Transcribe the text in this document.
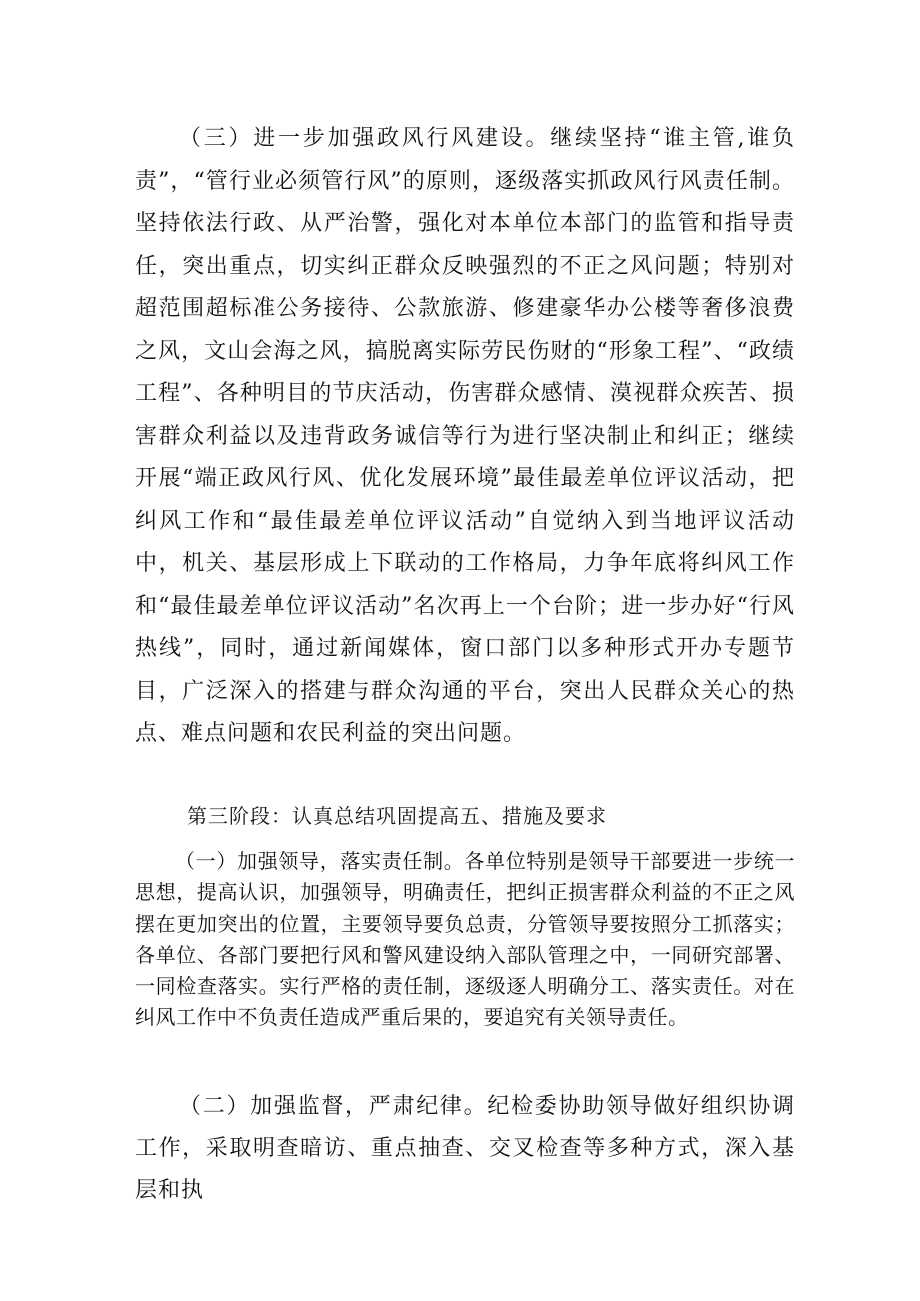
（三）进一步加强政风行风建设。继续坚持“谁主管,谁负责”，“管行业必须管行风”的原则，逐级落实抓政风行风责任制。坚持依法行政、从严治警，强化对本单位本部门的监管和指导责任，突出重点，切实纠正群众反映强烈的不正之风问题；特别对超范围超标准公务接待、公款旅游、修建豪华办公楼等奢侈浪费之风，文山会海之风，搞脱离实际劳民伤财的“形象工程”、“政绩工程”、各种明目的节庆活动，伤害群众感情、漠视群众疾苦、损害群众利益以及违背政务诚信等行为进行坚决制止和纠正；继续开展“端正政风行风、优化发展环境”最佳最差单位评议活动，把纠风工作和“最佳最差单位评议活动”自觉纳入到当地评议活动中，机关、基层形成上下联动的工作格局，力争年底将纠风工作和“最佳最差单位评议活动”名次再上一个台阶；进一步办好“行风热线”，同时，通过新闻媒体，窗口部门以多种形式开办专题节目，广泛深入的搭建与群众沟通的平台，突出人民群众关心的热点、难点问题和农民利益的突出问题。

第三阶段：认真总结巩固提高五、措施及要求

（一）加强领导，落实责任制。各单位特别是领导干部要进一步统一思想，提高认识，加强领导，明确责任，把纠正损害群众利益的不正之风摆在更加突出的位置，主要领导要负总责，分管领导要按照分工抓落实；各单位、各部门要把行风和警风建设纳入部队管理之中，一同研究部署、一同检查落实。实行严格的责任制，逐级逐人明确分工、落实责任。对在纠风工作中不负责任造成严重后果的，要追究有关领导责任。

（二）加强监督，严肃纪律。纪检委协助领导做好组织协调工作，采取明查暗访、重点抽查、交叉检查等多种方式，深入基层和执
